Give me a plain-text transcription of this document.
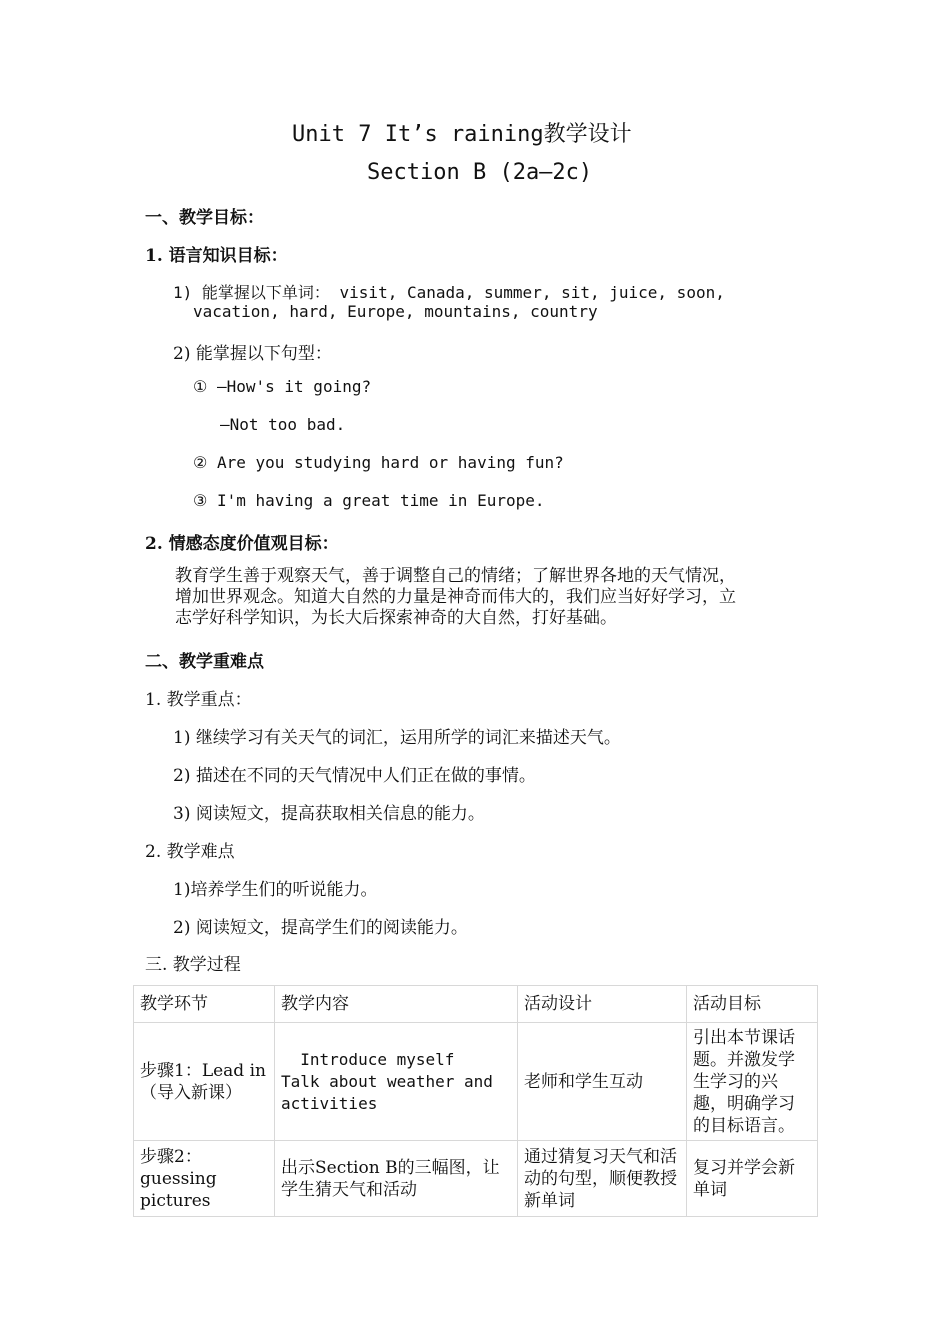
Unit 7 It’s raining教学设计
Section B (2a—2c)
一、教学目标：
1. 语言知识目标：
1) 能掌握以下单词： visit, Canada, summer, sit, juice, soon,
vacation, hard, Europe, mountains, country
2) 能掌握以下句型：
① —How's it going?
—Not too bad.
② Are you studying hard or having fun?
③ I'm having a great time in Europe.
2. 情感态度价值观目标：
教育学生善于观察天气，善于调整自己的情绪；了解世界各地的天气情况，
增加世界观念。知道大自然的力量是神奇而伟大的，我们应当好好学习，立
志学好科学知识，为长大后探索神奇的大自然，打好基础。
二、教学重难点
1. 教学重点：
1) 继续学习有关天气的词汇，运用所学的词汇来描述天气。
2) 描述在不同的天气情况中人们正在做的事情。
3) 阅读短文，提高获取相关信息的能力。
2. 教学难点
1)培养学生们的听说能力。
2) 阅读短文，提高学生们的阅读能力。
三. 教学过程
教学环节	教学内容	活动设计	活动目标
步骤1：Lead in（导入新课）	Introduce myself
Talk about weather and activities	老师和学生互动	引出本节课话题。并激发学生学习的兴趣，明确学习的目标语言。
步骤2：guessing pictures	出示Section B的三幅图，让学生猜天气和活动	通过猜复习天气和活动的句型，顺便教授新单词	复习并学会新单词
